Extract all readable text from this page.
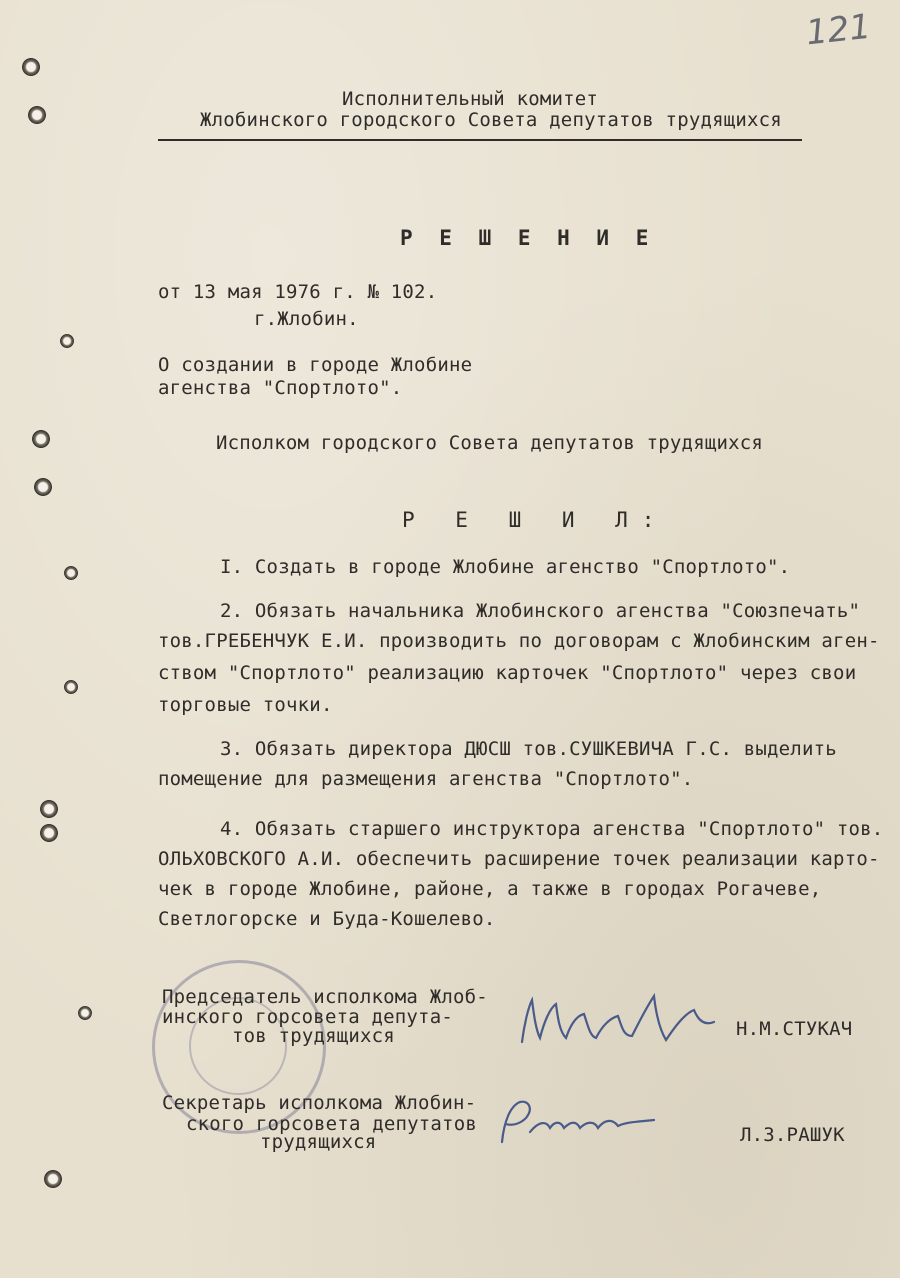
121
Исполнительный комитет
Жлобинского городского Совета депутатов трудящихся
Р Е Ш Е Н И Е
от 13 мая 1976 г. № 102.
г.Жлобин.
О создании в городе Жлобине
агенства "Спортлото".
Исполком городского Совета депутатов трудящихся
Р Е Ш И Л:
I. Создать в городе Жлобине агенство "Спортлото".
2. Обязать начальника Жлобинского агенства "Союзпечать"
тов.ГРЕБЕНЧУК Е.И. производить по договорам с Жлобинским аген-
ством "Спортлото" реализацию карточек "Спортлото" через свои
торговые точки.
3. Обязать директора ДЮСШ тов.СУШКЕВИЧА Г.С. выделить
помещение для размещения агенства "Спортлото".
4. Обязать старшего инструктора агенства "Спортлото" тов.
ОЛЬХОВСКОГО А.И. обеспечить расширение точек реализации карто-
чек в городе Жлобине, районе, а также в городах Рогачеве,
Светлогорске и Буда-Кошелево.
Председатель исполкома Жлоб-
инского горсовета депута-
тов трудящихся	Н.М.СТУКАЧ
Секретарь исполкома Жлобин-
ского горсовета депутатов
трудящихся	Л.З.РАШУК
